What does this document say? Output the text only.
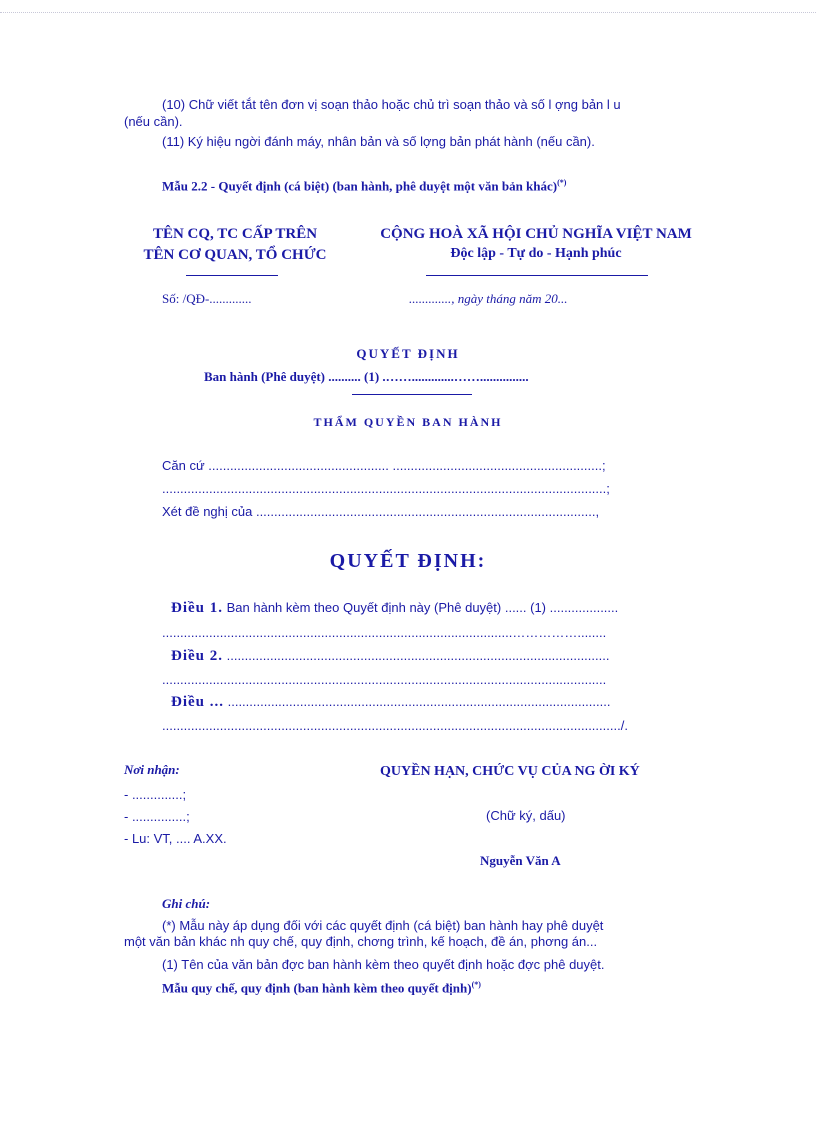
(10) Chữ viết tắt tên đơn vị soạn thảo hoặc chủ trì soạn thảo và số l ợng bản l u
(nếu cần).
(11) Ký hiệu ngời đánh máy, nhân bản và số lợng bản phát hành (nếu cần).
Mẫu 2.2 - Quyết định (cá biệt) (ban hành, phê duyệt một văn bản khác)(*)
TÊN CQ, TC CẤP TRÊN
TÊN CƠ QUAN, TỔ CHỨC
CỘNG HOÀ XÃ HỘI CHỦ NGHĨA VIỆT NAM
Độc lập - Tự do - Hạnh phúc
Số: /QĐ-.............	............., ngày tháng năm 20...
QUYẾT ĐỊNH
Ban hành (Phê duyệt) .......... (1) .…….............……...............
THẨM QUYỀN BAN HÀNH
Căn cứ .................................................. ..........................................................;
...........................................................................................................................;
Xét đề nghị của ..............................................................................................,
QUYẾT ĐỊNH:
Điều 1. Ban hành kèm theo Quyết định này (Phê duyệt) ...... (1) ...................
.................................................................................................……………........
Điều 2. ..........................................................................................................
...........................................................................................................................
Điều ... ..........................................................................................................
.............................................................................................................................../.
Nơi nhận:
- ..............;
- ...............;
- Lu: VT, .... A.XX.
QUYỀN HẠN, CHỨC VỤ CỦA NG ỜI KÝ
(Chữ ký, dấu)
Nguyễn Văn A
Ghi chú:
(*) Mẫu này áp dụng đối với các quyết định (cá biệt) ban hành hay phê duyệt
một văn bản khác nh quy chế, quy định, chơng trình, kế hoạch, đề án, phơng án...
(1) Tên của văn bản đợc ban hành kèm theo quyết định hoặc đợc phê duyệt.
Mẫu quy chế, quy định (ban hành kèm theo quyết định)(*)
